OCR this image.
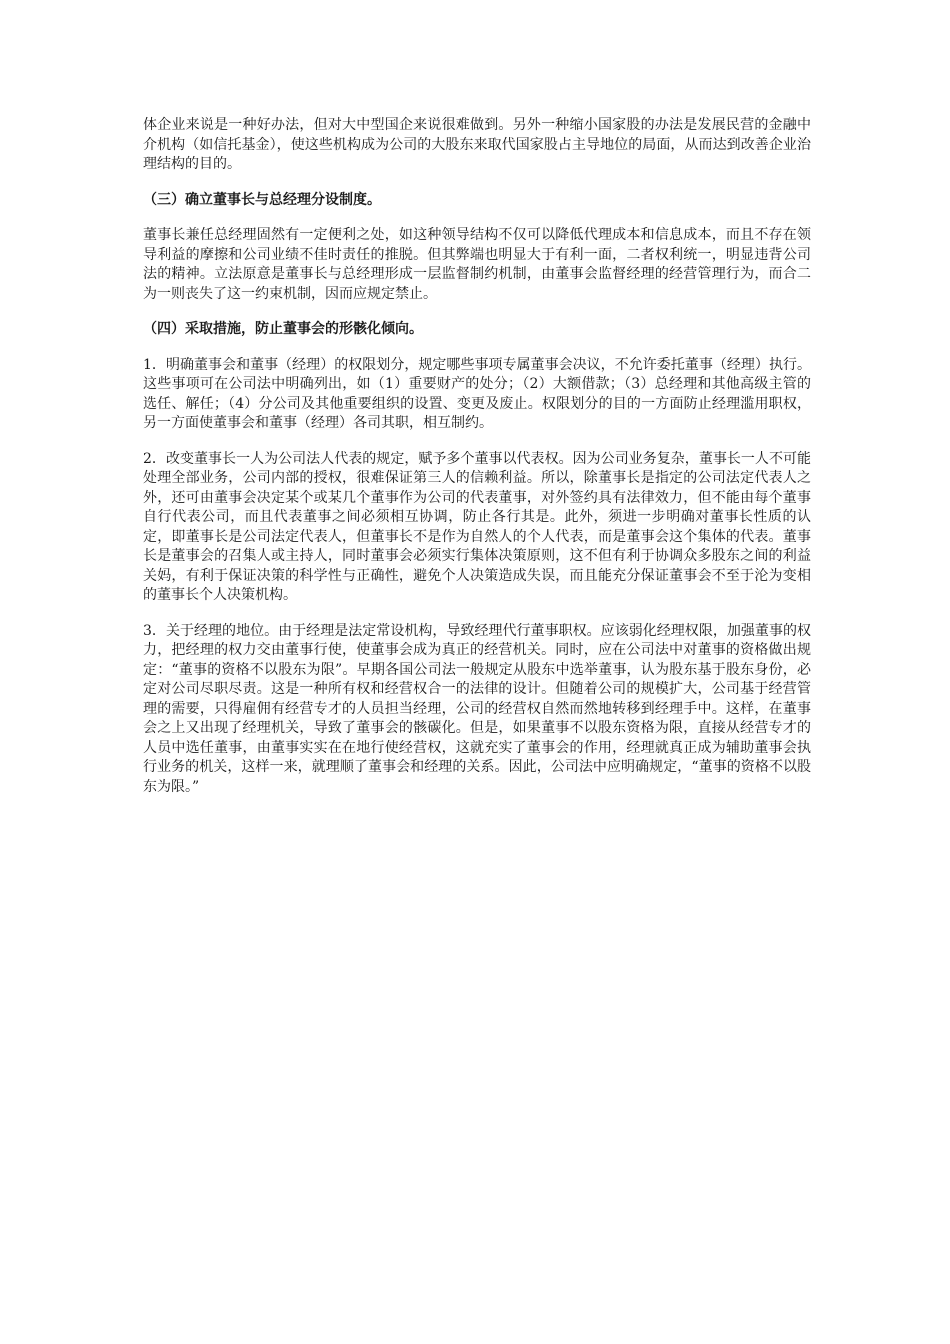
体企业来说是一种好办法，但对大中型国企来说很难做到。另外一种缩小国家股的办法是发展民营的金融中介机构（如信托基金），使这些机构成为公司的大股东来取代国家股占主导地位的局面，从而达到改善企业治理结构的目的。

（三）确立董事长与总经理分设制度。

董事长兼任总经理固然有一定便利之处，如这种领导结构不仅可以降低代理成本和信息成本，而且不存在领导利益的摩擦和公司业绩不佳时责任的推脱。但其弊端也明显大于有利一面，二者权利统一，明显违背公司法的精神。立法原意是董事长与总经理形成一层监督制约机制，由董事会监督经理的经营管理行为，而合二为一则丧失了这一约束机制，因而应规定禁止。

（四）采取措施，防止董事会的形骸化倾向。

1．明确董事会和董事（经理）的权限划分，规定哪些事项专属董事会决议，不允许委托董事（经理）执行。这些事项可在公司法中明确列出，如（1）重要财产的处分；（2）大额借款；（3）总经理和其他高级主管的选任、解任；（4）分公司及其他重要组织的设置、变更及废止。权限划分的目的一方面防止经理滥用职权，另一方面使董事会和董事（经理）各司其职，相互制约。

2．改变董事长一人为公司法人代表的规定，赋予多个董事以代表权。因为公司业务复杂，董事长一人不可能处理全部业务，公司内部的授权，很难保证第三人的信赖利益。所以，除董事长是指定的公司法定代表人之外，还可由董事会决定某个或某几个董事作为公司的代表董事，对外签约具有法律效力，但不能由每个董事自行代表公司，而且代表董事之间必须相互协调，防止各行其是。此外，须进一步明确对董事长性质的认定，即董事长是公司法定代表人，但董事长不是作为自然人的个人代表，而是董事会这个集体的代表。董事长是董事会的召集人或主持人，同时董事会必须实行集体决策原则，这不但有利于协调众多股东之间的利益关妈，有利于保证决策的科学性与正确性，避免个人决策造成失误，而且能充分保证董事会不至于沦为变相的董事长个人决策机构。

3．关于经理的地位。由于经理是法定常设机构，导致经理代行董事职权。应该弱化经理权限，加强董事的权力，把经理的权力交由董事行使，使董事会成为真正的经营机关。同时，应在公司法中对董事的资格做出规定：“董事的资格不以股东为限”。早期各国公司法一般规定从股东中选举董事，认为股东基于股东身份，必定对公司尽职尽责。这是一种所有权和经营权合一的法律的设计。但随着公司的规模扩大，公司基于经营管理的需要，只得雇佣有经营专才的人员担当经理，公司的经营权自然而然地转移到经理手中。这样，在董事会之上又出现了经理机关，导致了董事会的骸碳化。但是，如果董事不以股东资格为限，直接从经营专才的人员中选任董事，由董事实实在在地行使经营权，这就充实了董事会的作用，经理就真正成为辅助董事会执行业务的机关，这样一来，就理顺了董事会和经理的关系。因此，公司法中应明确规定，“董事的资格不以股东为限。”
